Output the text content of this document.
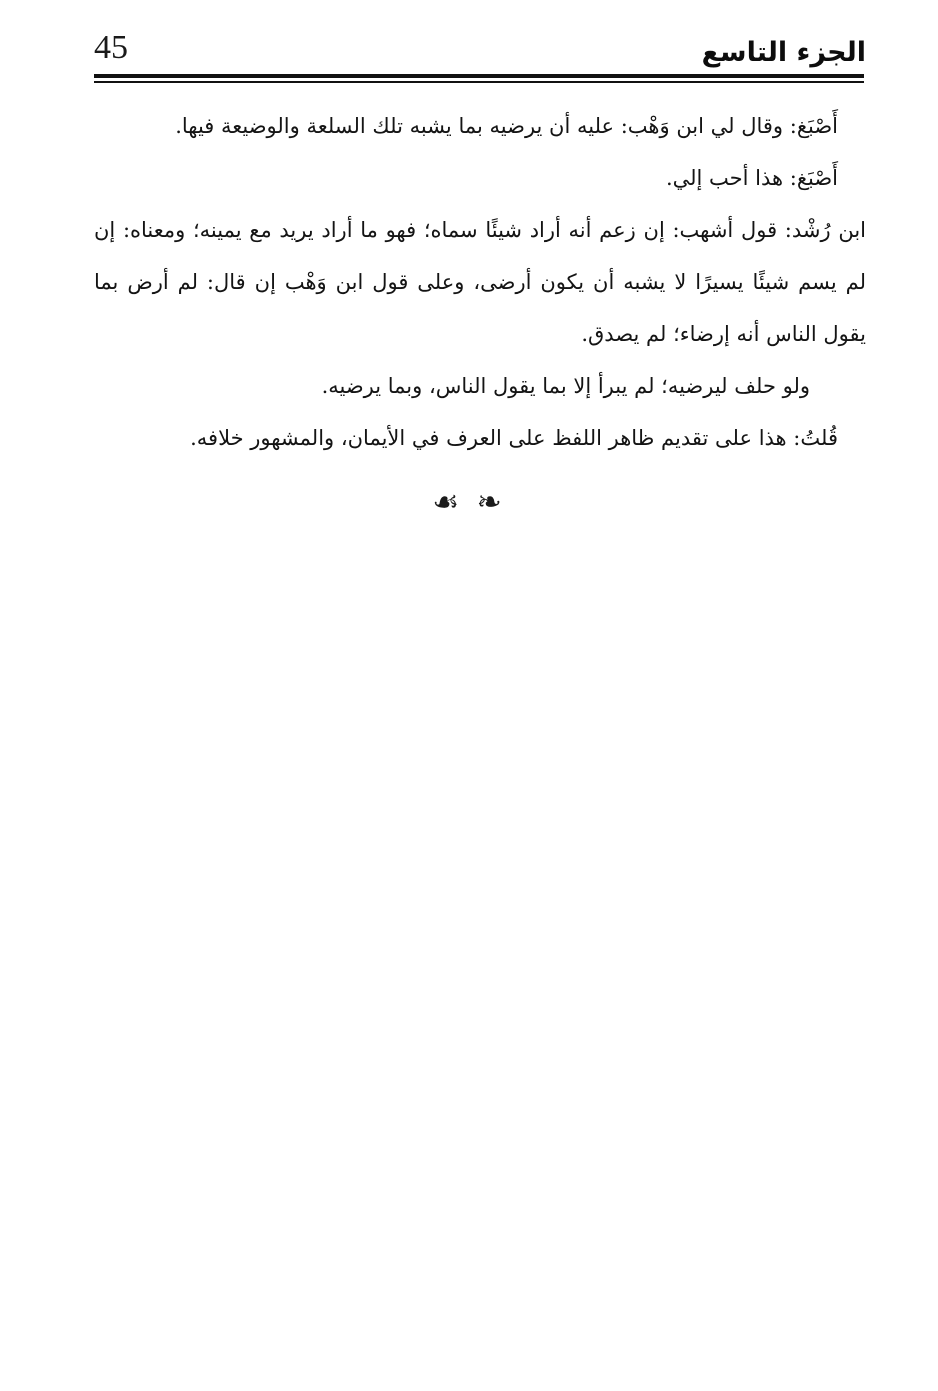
45	الجزء التاسع

أَصْبَغ: وقال لي ابن وَهْب: عليه أن يرضيه بما يشبه تلك السلعة والوضيعة فيها.

أَصْبَغ: هذا أحب إلي.

ابن رُشْد: قول أشهب: إن زعم أنه أراد شيئًا سماه؛ فهو ما أراد يريد مع يمينه؛ ومعناه: إن لم يسم شيئًا يسيرًا لا يشبه أن يكون أرضى، وعلى قول ابن وَهْب إن قال: لم أرض بما يقول الناس أنه إرضاء؛ لم يصدق.

ولو حلف ليرضيه؛ لم يبرأ إلا بما يقول الناس، وبما يرضيه.

قُلتُ: هذا على تقديم ظاهر اللفظ على العرف في الأيمان، والمشهور خلافه.

☙ ❧
